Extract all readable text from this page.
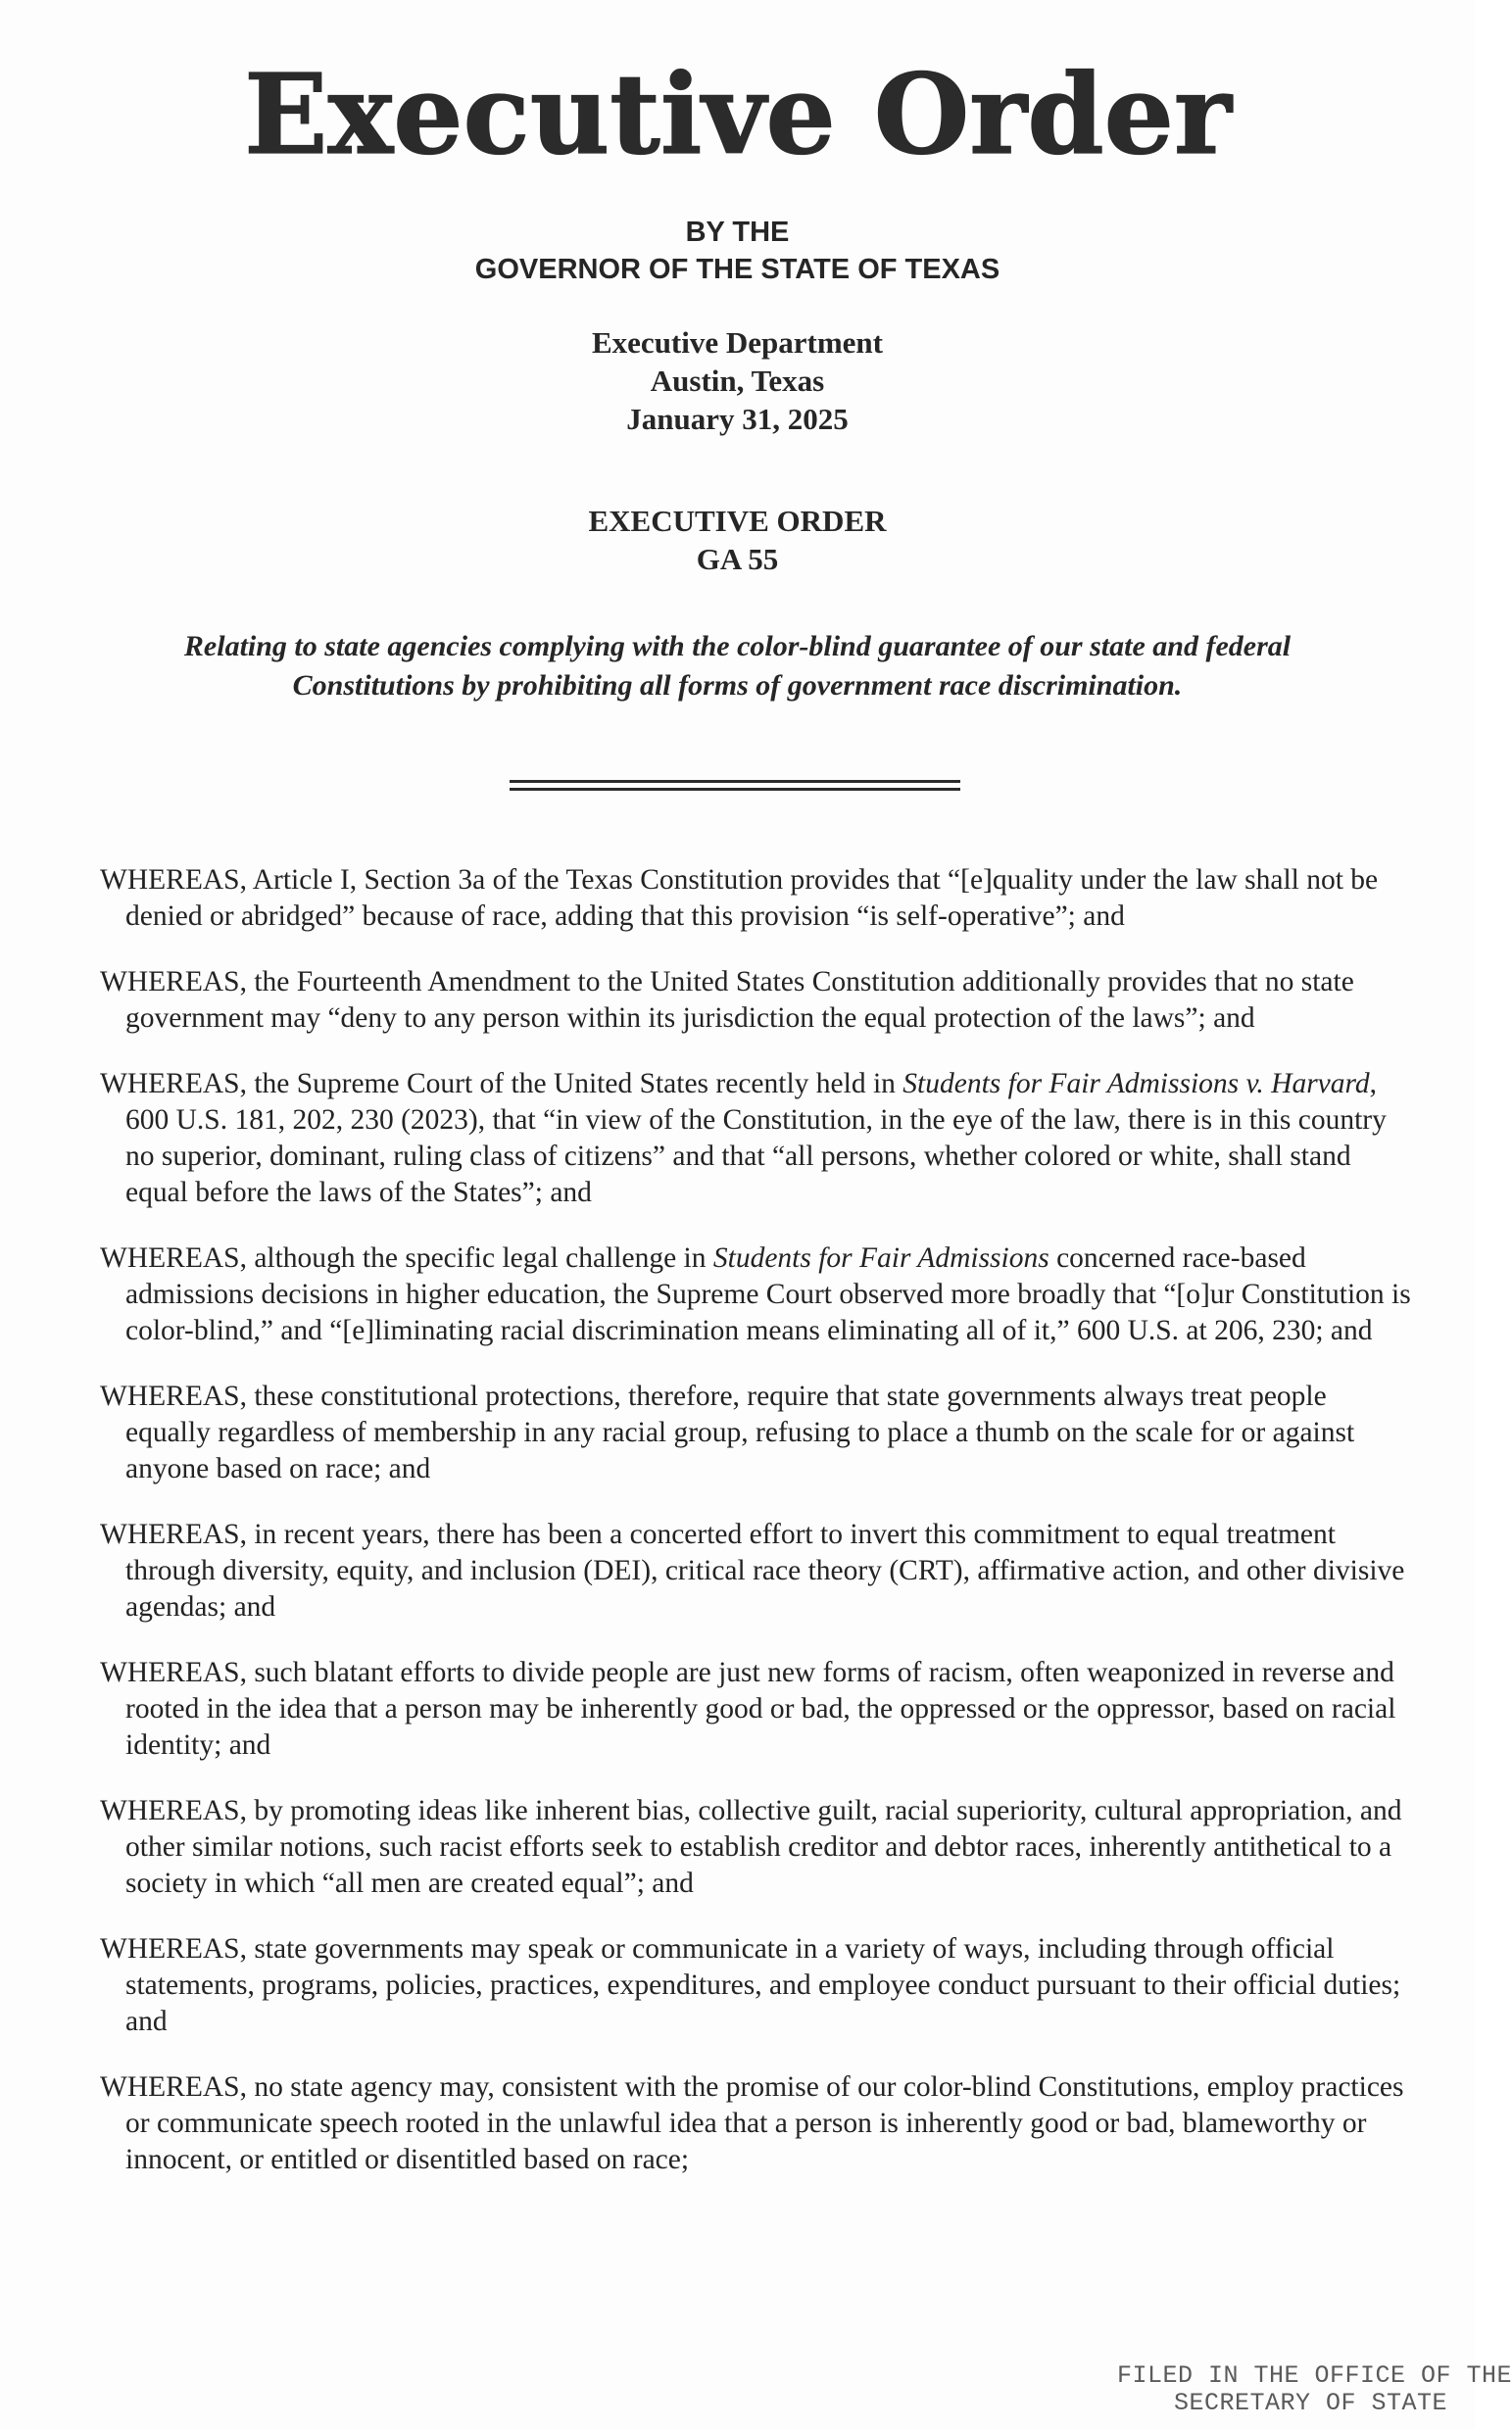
Executive Order
BY THE
GOVERNOR OF THE STATE OF TEXAS
Executive Department
Austin, Texas
January 31, 2025
EXECUTIVE ORDER
GA 55
Relating to state agencies complying with the color-blind guarantee of our state and federal
Constitutions by prohibiting all forms of government race discrimination.

WHEREAS, Article I, Section 3a of the Texas Constitution provides that “[e]quality under the law shall not be denied or abridged” because of race, adding that this provision “is self-operative”; and

WHEREAS, the Fourteenth Amendment to the United States Constitution additionally provides that no state government may “deny to any person within its jurisdiction the equal protection of the laws”; and

WHEREAS, the Supreme Court of the United States recently held in Students for Fair Admissions v. Harvard, 600 U.S. 181, 202, 230 (2023), that “in view of the Constitution, in the eye of the law, there is in this country no superior, dominant, ruling class of citizens” and that “all persons, whether colored or white, shall stand equal before the laws of the States”; and

WHEREAS, although the specific legal challenge in Students for Fair Admissions concerned race-based admissions decisions in higher education, the Supreme Court observed more broadly that “[o]ur Constitution is color-blind,” and “[e]liminating racial discrimination means eliminating all of it,” 600 U.S. at 206, 230; and

WHEREAS, these constitutional protections, therefore, require that state governments always treat people equally regardless of membership in any racial group, refusing to place a thumb on the scale for or against anyone based on race; and

WHEREAS, in recent years, there has been a concerted effort to invert this commitment to equal treatment through diversity, equity, and inclusion (DEI), critical race theory (CRT), affirmative action, and other divisive agendas; and

WHEREAS, such blatant efforts to divide people are just new forms of racism, often weaponized in reverse and rooted in the idea that a person may be inherently good or bad, the oppressed or the oppressor, based on racial identity; and

WHEREAS, by promoting ideas like inherent bias, collective guilt, racial superiority, cultural appropriation, and other similar notions, such racist efforts seek to establish creditor and debtor races, inherently antithetical to a society in which “all men are created equal”; and

WHEREAS, state governments may speak or communicate in a variety of ways, including through official statements, programs, policies, practices, expenditures, and employee conduct pursuant to their official duties; and

WHEREAS, no state agency may, consistent with the promise of our color-blind Constitutions, employ practices or communicate speech rooted in the unlawful idea that a person is inherently good or bad, blameworthy or innocent, or entitled or disentitled based on race;

FILED IN THE OFFICE OF THE
SECRETARY OF STATE
